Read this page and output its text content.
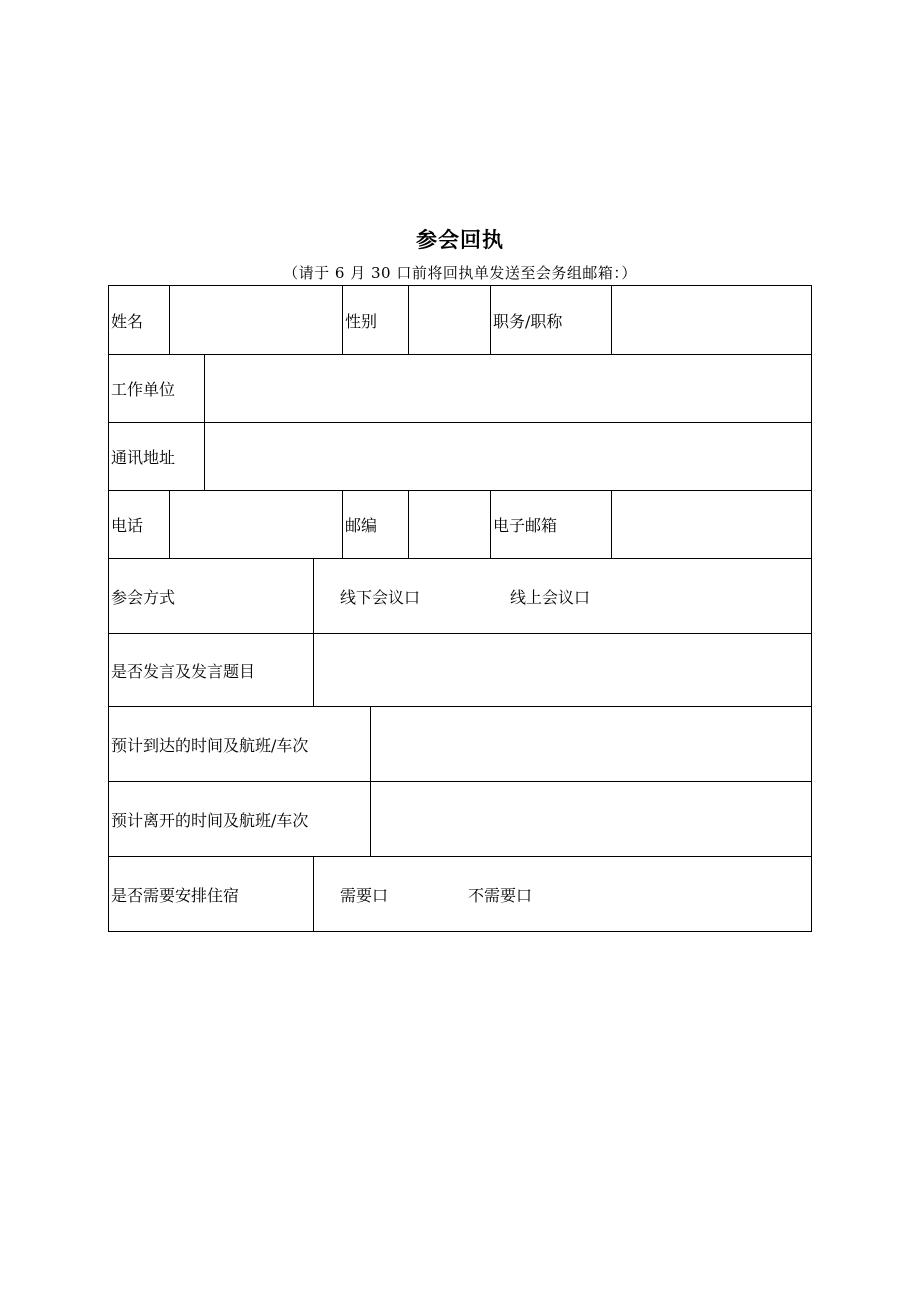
参会回执
（请于 6 月 30 口前将回执单发送至会务组邮箱：）
姓名	性别	职务/职称
工作单位
通讯地址
电话	邮编	电子邮箱
参会方式	线下会议口	线上会议口
是否发言及发言题目
预计到达的时间及航班/车次
预计离开的时间及航班/车次
是否需要安排住宿	需要口	不需要口
